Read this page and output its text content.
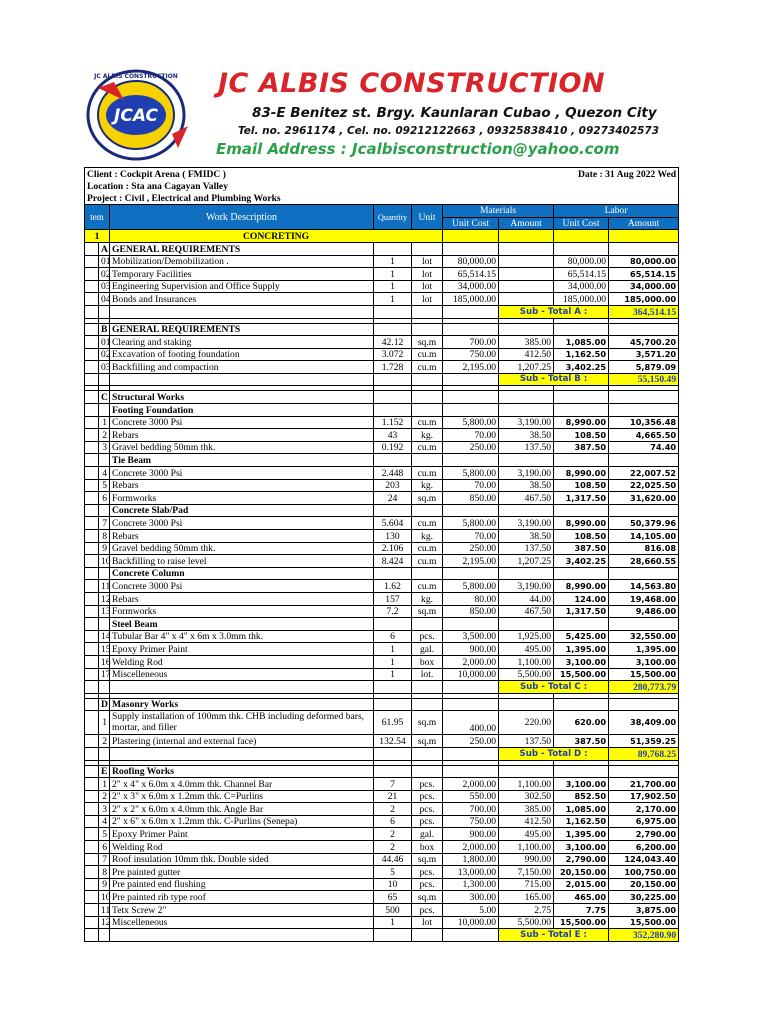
JC ALBIS CONSTRUCTION
JCAC
JC ALBIS CONSTRUCTION
83-E Benitez st. Brgy. Kaunlaran Cubao , Quezon City
Tel. no. 2961174 , Cel. no. 09212122663 , 09325838410 , 09273402573
Email Address : Jcalbisconstruction@yahoo.com
Client : Cockpit Arena ( FMIDC )					Date : 31 Aug 2022 Wed			
Location : Sta ana Cagayan Valley								
Project : Civil , Electrical and Plumbing Works								
tem		Work Description	Quantity	Unit	Materials		Labor	
					Unit Cost	Amount	Unit Cost	Amount
1		CONCRETING						
	A	GENERAL REQUIREMENTS						
	01	Mobilization/Demobilization .	1	lot	80,000.00		80,000.00	80,000.00
	02	Temporary Facilities	1	lot	65,514.15		65,514.15	65,514.15
	03	Engineering Supervision and Office Supply	1	lot	34,000.00		34,000.00	34,000.00
	04	Bonds and Insurances	1	lot	185,000.00		185,000.00	185,000.00
						Sub - Total A :		364,514.15

	B	GENERAL REQUIREMENTS						
	01	Clearing and staking	42.12	sq.m	700.00	385.00	1,085.00	45,700.20
	02	Excavation of footing foundation	3.072	cu.m	750.00	412.50	1,162.50	3,571.20
	03	Backfilling and compaction	1.728	cu.m	2,195.00	1,207.25	3,402.25	5,879.09
						Sub - Total B :		55,150.49

	C	Structural Works						
		Footing Foundation						
	1	Concrete 3000 Psi	1.152	cu.m	5,800.00	3,190.00	8,990.00	10,356.48
	2	Rebars	43	kg.	70.00	38.50	108.50	4,665.50
	3	Gravel bedding 50mm thk.	0.192	cu.m	250.00	137.50	387.50	74.40
		Tie Beam						
	4	Concrete 3000 Psi	2.448	cu.m	5,800.00	3,190.00	8,990.00	22,007.52
	5	Rebars	203	kg.	70.00	38.50	108.50	22,025.50
	6	Formworks	24	sq.m	850.00	467.50	1,317.50	31,620.00
		Concrete Slab/Pad						
	7	Concrete 3000 Psi	5.604	cu.m	5,800.00	3,190.00	8,990.00	50,379.96
	8	Rebars	130	kg.	70.00	38.50	108.50	14,105.00
	9	Gravel bedding 50mm thk.	2.106	cu.m	250.00	137.50	387.50	816.08
	10	Backfilling to raise level	8.424	cu.m	2,195.00	1,207.25	3,402.25	28,660.55
		Concrete Column						
	11	Concrete 3000 Psi	1.62	cu.m	5,800.00	3,190.00	8,990.00	14,563.80
	12	Rebars	157	kg.	80.00	44.00	124.00	19,468.00
	13	Formworks	7.2	sq.m	850.00	467.50	1,317.50	9,486.00
		Steel Beam						
	14	Tubular Bar 4" x 4" x 6m x 3.0mm thk.	6	pcs.	3,500.00	1,925.00	5,425.00	32,550.00
	15	Epoxy Primer Paint	1	gal.	900.00	495.00	1,395.00	1,395.00
	16	Welding Rod	1	box	2,000.00	1,100.00	3,100.00	3,100.00
	17	Miscelleneous	1	lot.	10,000.00	5,500.00	15,500.00	15,500.00
						Sub - Total C :		280,773.79

	D	Masonry Works						
	1	Supply installation of 100mm thk. CHB including deformed bars, mortar, and filler	61.95	sq.m	400.00	220.00	620.00	38,409.00
	2	Plastering (internal and external face)	132.54	sq.m	250.00	137.50	387.50	51,359.25
						Sub - Total D :		89,768.25

	E	Roofing Works						
	1	2" x 4" x 6.0m x 4.0mm thk. Channel Bar	7	pcs.	2,000.00	1,100.00	3,100.00	21,700.00
	2	2" x 3" x 6.0m x 1.2mm thk. C=Purlins	21	pcs.	550.00	302.50	852.50	17,902.50
	3	2" x 2" x 6.0m x 4.0mm thk. Angle Bar	2	pcs.	700.00	385.00	1,085.00	2,170.00
	4	2" x 6" x 6.0m x 1.2mm thk. C-Purlins (Senepa)	6	pcs.	750.00	412.50	1,162.50	6,975.00
	5	Epoxy Primer Paint	2	gal.	900.00	495.00	1,395.00	2,790.00
	6	Welding Rod	2	box	2,000.00	1,100.00	3,100.00	6,200.00
	7	Roof insulation 10mm thk. Double sided	44.46	sq.m	1,800.00	990.00	2,790.00	124,043.40
	8	Pre painted gutter	5	pcs.	13,000.00	7,150.00	20,150.00	100,750.00
	9	Pre painted end flushing	10	pcs.	1,300.00	715.00	2,015.00	20,150.00
	10	Pre painted rib type roof	65	sq.m	300.00	165.00	465.00	30,225.00
	11	Tetx Screw 2"	500	pcs.	5.00	2.75	7.75	3,875.00
	12	Miscelleneous	1	lot	10,000.00	5,500.00	15,500.00	15,500.00
						Sub - Total E :		352,280.90
